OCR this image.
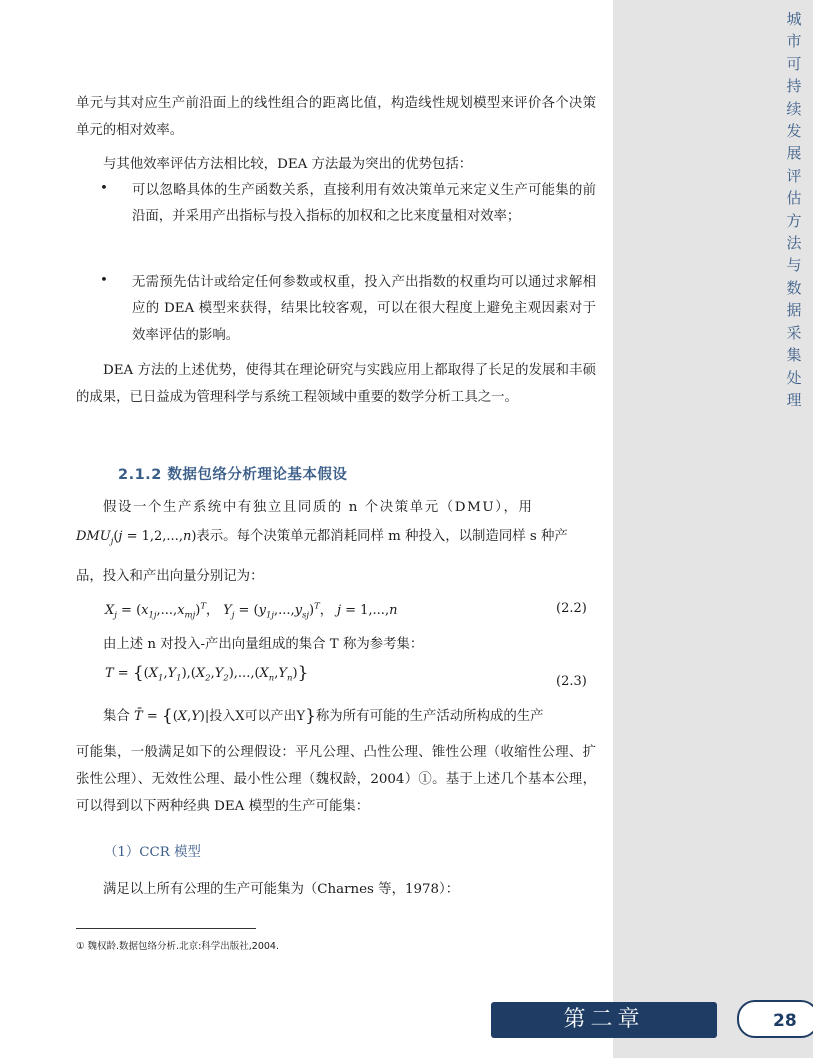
城
市
可
持
续
发
展
评
估
方
法
与
数
据
采
集
处
理

单元与其对应生产前沿面上的线性组合的距离比值，构造线性规划模型来评价各个决策单元的相对效率。

与其他效率评估方法相比较，DEA 方法最为突出的优势包括：

• 可以忽略具体的生产函数关系，直接利用有效决策单元来定义生产可能集的前沿面，并采用产出指标与投入指标的加权和之比来度量相对效率；

• 无需预先估计或给定任何参数或权重，投入产出指数的权重均可以通过求解相应的 DEA 模型来获得，结果比较客观，可以在很大程度上避免主观因素对于效率评估的影响。

DEA 方法的上述优势，使得其在理论研究与实践应用上都取得了长足的发展和丰硕的成果，已日益成为管理科学与系统工程领域中重要的数学分析工具之一。

2.1.2 数据包络分析理论基本假设

假设一个生产系统中有独立且同质的 n 个决策单元（DMU），用

$DMU_j(j = 1,2,...,n)$表示。每个决策单元都消耗同样 m 种投入，以制造同样 s 种产

品，投入和产出向量分别记为：

$X_j = (x_{1j},...,x_{mj})^T$， $Y_j = (y_{1j},...,y_{sj})^T$， j = 1,...,n	(2.2)

由上述 n 对投入-产出向量组成的集合 T 称为参考集：

$T = \{(X_1,Y_1),(X_2,Y_2),...,(X_n,Y_n)\}$	(2.3)
集合 T̄ = {(X,Y)|投入X可以产出Y}称为所有可能的生产活动所构成的生产

可能集，一般满足如下的公理假设：平凡公理、凸性公理、锥性公理（收缩性公理、扩张性公理）、无效性公理、最小性公理（魏权龄，2004）①。基于上述几个基本公理，可以得到以下两种经典 DEA 模型的生产可能集：

（1）CCR 模型

满足以上所有公理的生产可能集为（Charnes 等，1978）：

① 魏权龄.数据包络分析.北京:科学出版社,2004.
第二章	28
